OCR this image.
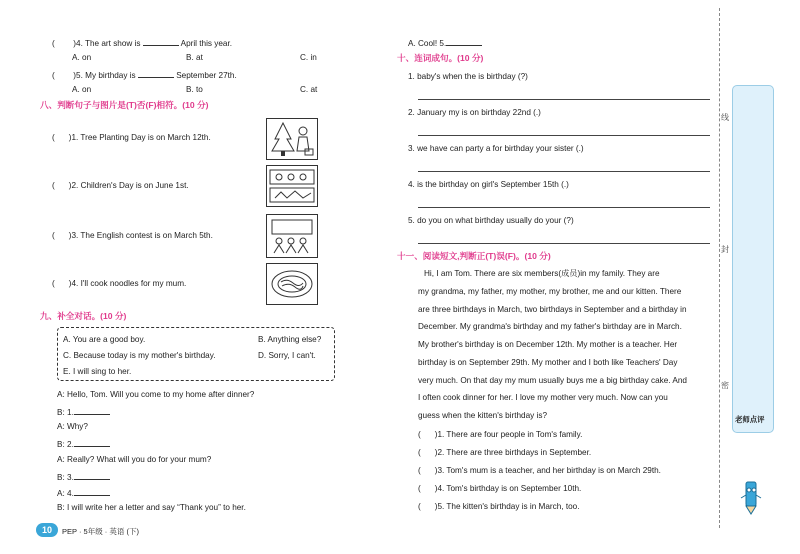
( )4. The art show is	April this year.
A. on	B. at	C. in
( )5. My birthday is	September 27th.
A. on	B. to	C. at
八、判断句子与图片是(T)否(F)相符。(10 分)
( )1. Tree Planting Day is on March 12th.
( )2. Children's Day is on June 1st.
( )3. The English contest is on March 5th.
( )4. I'll cook noodles for my mum.
九、补全对话。(10 分)
A. You are a good boy.	B. Anything else?
C. Because today is my mother's birthday.	D. Sorry, I can't.
E. I will sing to her.
A: Hello, Tom. Will you come to my home after dinner?
B: 1.
A: Why?
B: 2.
A: Really? What will you do for your mum?
B: 3.
A: 4.
B: I will write her a letter and say “Thank you” to her.
10	PEP · 5年级 · 英语 (下)
A. Cool! 5.
十、连词成句。(10 分)
1. baby's when the is birthday (?)
2. January my is on birthday 22nd (.)
3. we have can party a for birthday your sister (.)
4. is the birthday on girl's September 15th (.)
5. do you on what birthday usually do your (?)
十一、阅读短文,判断正(T)误(F)。(10 分)
Hi, I am Tom. There are six members(成员)in my family. They are
my grandma, my father, my mother, my brother, me and our kitten. There
are three birthdays in March, two birthdays in September and a birthday in
December. My grandma's birthday and my father's birthday are in March.
My brother's birthday is on December 12th. My mother is a teacher. Her
birthday is on September 29th. My mother and I both like Teachers' Day
very much. On that day my mum usually buys me a big birthday cake. And
I often cook dinner for her. I love my mother very much. Now can you
guess when the kitten's birthday is?
( )1. There are four people in Tom's family.
( )2. There are three birthdays in September.
( )3. Tom's mum is a teacher, and her birthday is on March 29th.
( )4. Tom's birthday is on September 10th.
( )5. The kitten's birthday is in March, too.
线
封
密
老师点评
